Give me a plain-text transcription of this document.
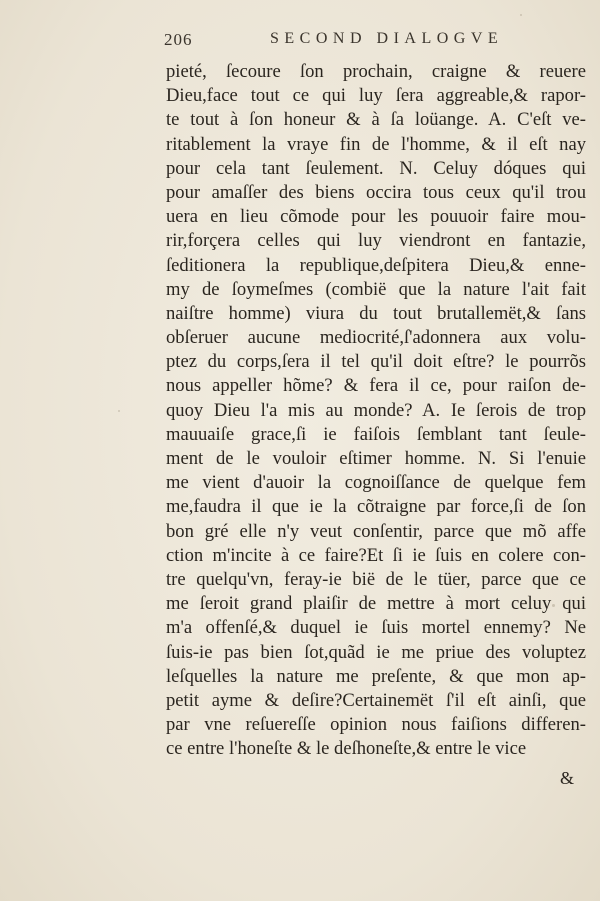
206	SECOND DIALOGVE
pieté, ſecoure ſon prochain, craigne & reuere
Dieu,face tout ce qui luy ſera aggreable,& rapor-
te tout à ſon honeur & à ſa loüange. A. C'eſt ve-
ritablement la vraye fin de l'homme, & il eſt nay
pour cela tant ſeulement. N. Celuy dóques qui
pour amaſſer des biens occira tous ceux qu'il trou
uera en lieu cõmode pour les pouuoir faire mou-
rir,forçera celles qui luy viendront en fantazie,
ſeditionera la republique,deſpitera Dieu,& enne-
my de ſoymeſmes (combië que la nature l'ait fait
naiſtre homme) viura du tout brutallemët,& ſans
obſeruer aucune mediocrité,ſ'adonnera aux volu-
ptez du corps,ſera il tel qu'il doit eſtre? le pourrõs
nous appeller hõme? & fera il ce, pour raiſon de-
quoy Dieu l'a mis au monde? A. Ie ſerois de trop
mauuaiſe grace,ſi ie faiſois ſemblant tant ſeule-
ment de le vouloir eſtimer homme. N. Si l'enuie
me vient d'auoir la cognoiſſance de quelque fem
me,faudra il que ie la cõtraigne par force,ſi de ſon
bon gré elle n'y veut conſentir, parce que mõ affe
ction m'incite à ce faire?Et ſi ie ſuis en colere con-
tre quelqu'vn, feray-ie bië de le tüer, parce que ce
me ſeroit grand plaiſir de mettre à mort celuy qui
m'a offenſé,& duquel ie ſuis mortel ennemy? Ne
ſuis-ie pas bien ſot,quãd ie me priue des voluptez
leſquelles la nature me preſente, & que mon ap-
petit ayme & deſire?Certainemët ſ'il eſt ainſi, que
par vne reſuereſſe opinion nous faiſions differen-
ce entre l'honeſte & le deſhoneſte,& entre le vice
&
